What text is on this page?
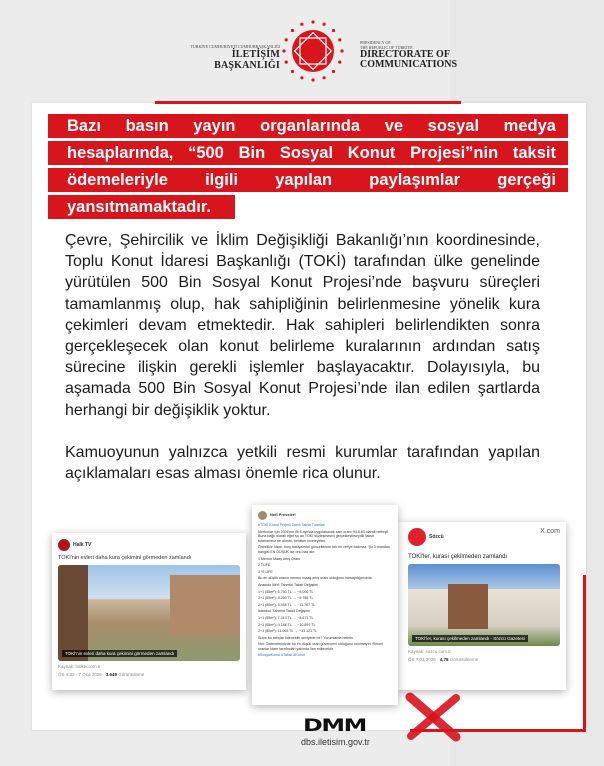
TÜRKİYE CUMHURİYETİ CUMHURBAŞKANLIĞI
İLETİŞİM BAŞKANLIĞI
PRESIDENCY OF
THE REPUBLIC OF TÜRKİYE
DIRECTORATE OF
COMMUNICATIONS
Bazı basın yayın organlarında ve sosyal medya
hesaplarında, “500 Bin Sosyal Konut Projesi”nin taksit
ödemeleriyle ilgili yapılan paylaşımlar gerçeği
yansıtmamaktadır.

Çevre, Şehircilik ve İklim Değişikliği Bakanlığı’nın koordinesinde, Toplu Konut İdaresi Başkanlığı (TOKİ) tarafından ülke genelinde yürütülen 500 Bin Sosyal Konut Projesi’nde başvuru süreçleri tamamlanmış olup, hak sahipliğinin belirlenmesine yönelik kura çekimleri devam etmektedir. Hak sahipleri belirlendikten sonra gerçekleşecek olan konut belirleme kuralarının ardından satış sürecine ilişkin gerekli işlemler başlayacaktır. Dolayısıyla, bu aşamada 500 Bin Sosyal Konut Projesi’nde ilan edilen şartlarda herhangi bir değişiklik yoktur.

Kamuoyunun yalnızca yetkili resmi kurumlar tarafından yapılan açıklamaları esas alması önemle rica olunur.

Halk TV
TOKİ'nin evleri daha kura çekimini görmeden zamlandı
TOKİ'nin evleri daha kura çekimini görmeden zamlandı
Kaynak: halktv.com.tr
ÖS 4:32 · 7 Oca 2026 · 3.649 Görüntüleme
Sözcü
X.com
TOKİ'ler, kurası çekilmeden zamlandı
TOKİ'ler, kurası çekilmeden zamlandı - Sözcü Gazetesi
Kaynak: sozcu.com.tr
ÖS 7.01.2026 · 4,78 Görüntülenme
Nefi Preveleri
#TOKİ Konut Projesi Zamlı Taksit Tutarları
Memurlar için 2026'nın ilk 6 ayında uygulanacak zam oranı %18,60 olarak netleşti. Buna bağlı olarak eğer şu an TOKİ sözleşmesini gerçekleştirseydik taksit tutarlarımız ne olurdu, beraber inceleyelim.
Öncelikle İdare, borç bakiyelerini güncellerken tek bir veriye bakmaz. Şu 3 orandan hangisi EN DÜŞÜK ise onu baz alır:
1 Memur Maaş Artış Oranı
2 TÜFE
3 Yİ-ÜFE
Bu en düşük oranın memur maaş artış oranı olduğunu varsaydığımızda:
Anadolu İlleri: Tahmini Taksit Değişimi
1+1 (55m²): 6.750 TL → ~8.006 TL
2+1 (65m²): 8.250 TL → ~9.785 TL
2+1 (80m²): 9.938 TL → ~11.787 TL
İstanbul: Tahmini Taksit Değişimi
1+1 (55m²): 7.313 TL → ~8.673 TL
2+1 (65m²): 9.188 TL → ~10.897 TL
2+1 (80m²): 11.063 TL → ~13.121 TL
Sizce bu artışlar ödenebilir seviyede mi? Yorumlarda belirtin.
Not: Ödemelerinizde bu en düşük oran güvenceni olduğunu unutmayın. Resmi oranlar İdare tarafından yakında ilan edilecektir.
#SosyalKonut #Taksit #Konut
DMM
dbs.iletisim.gov.tr
